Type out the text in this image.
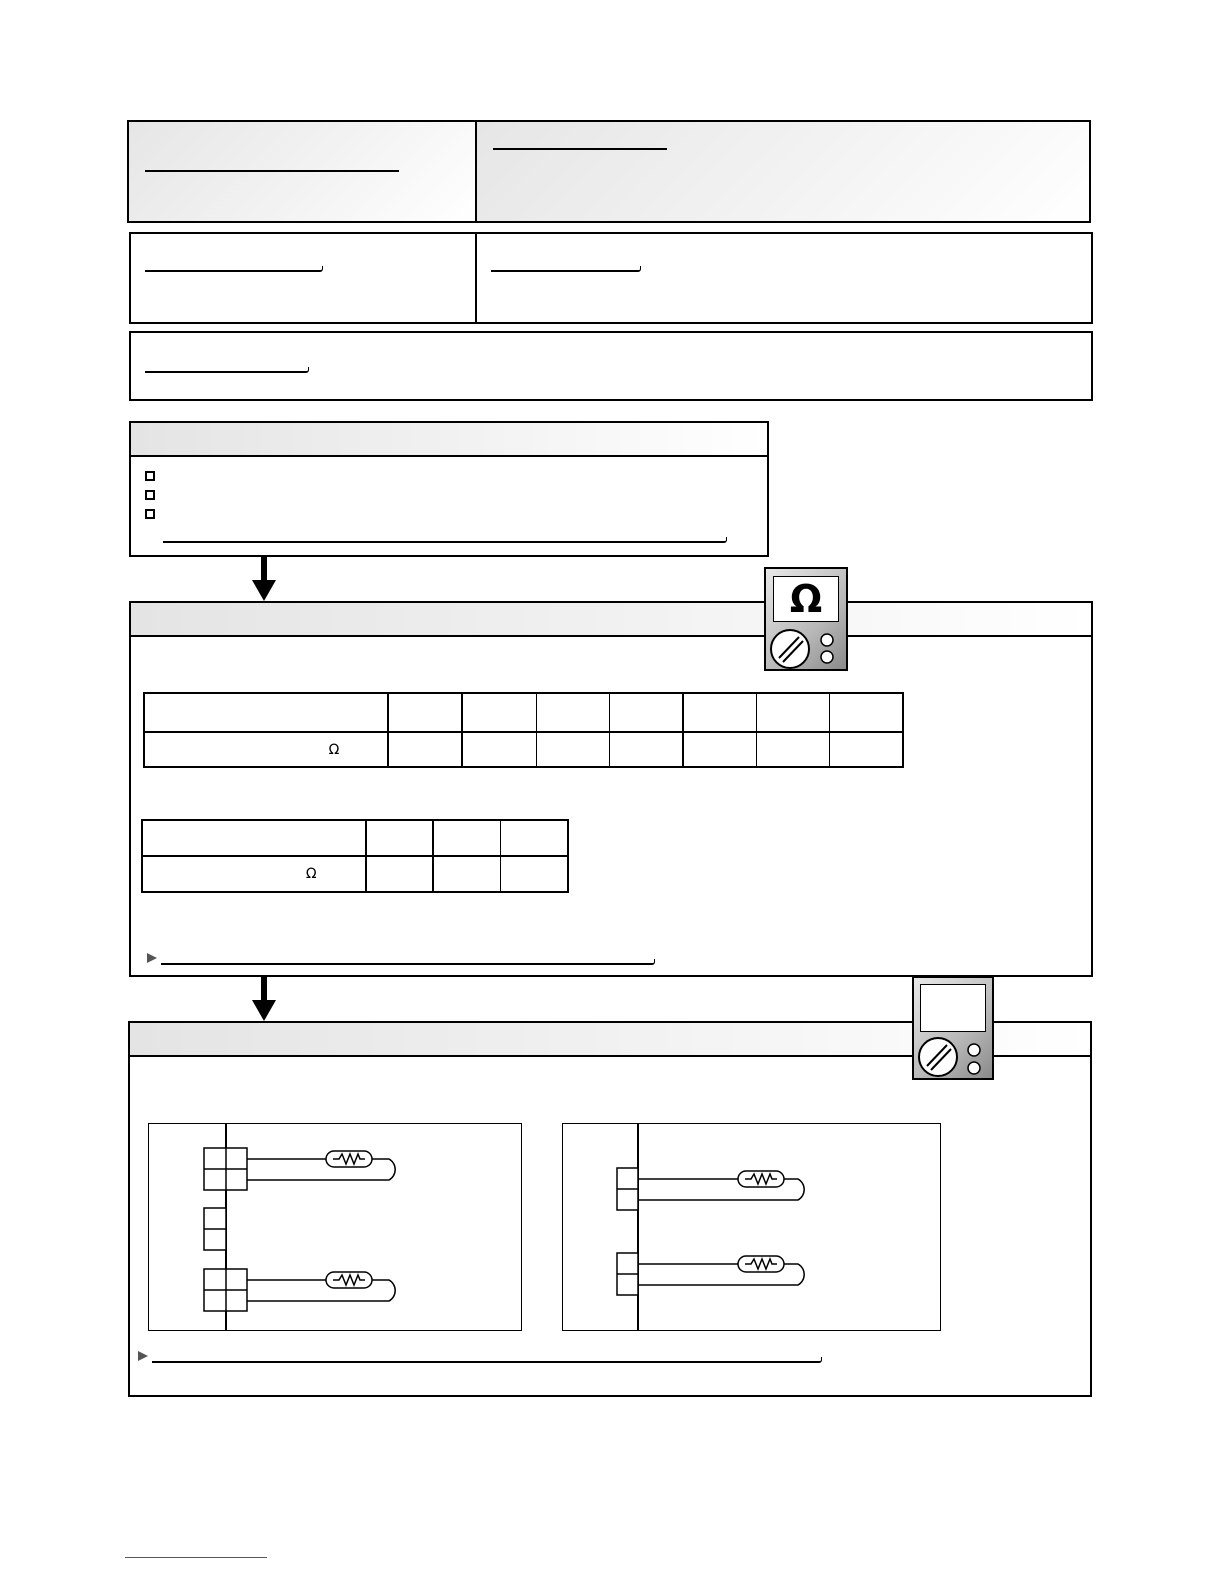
Ω							

Ω			
Ω
